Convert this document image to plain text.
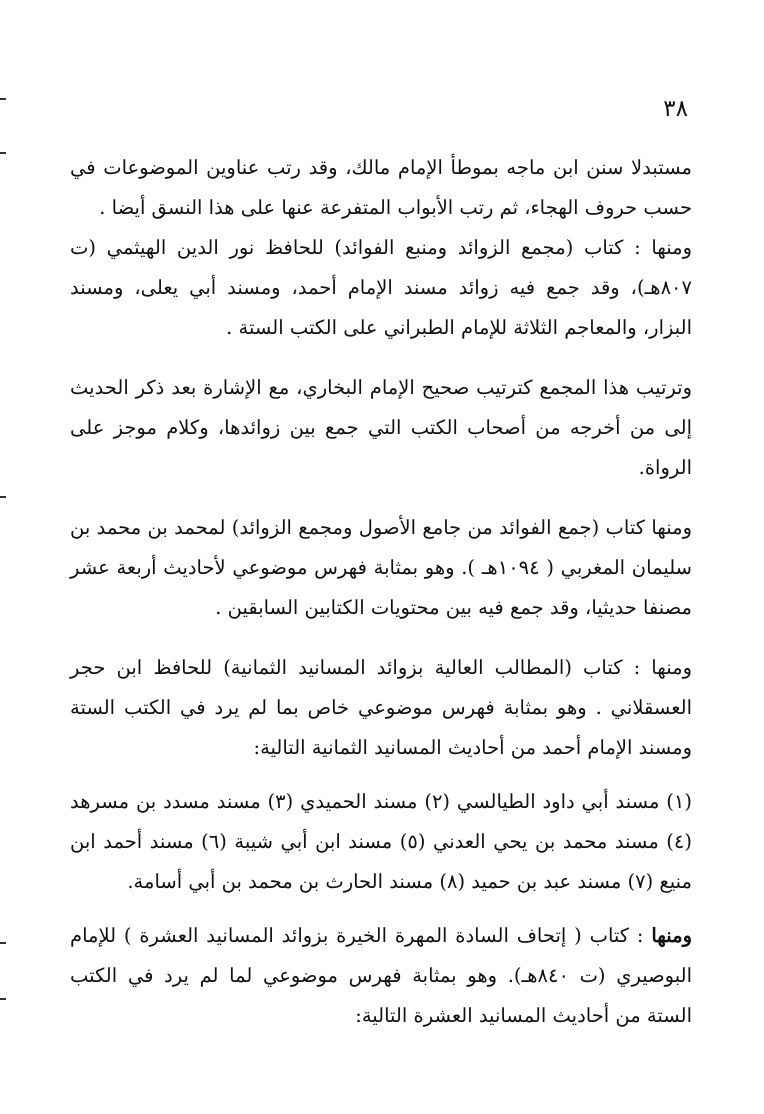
٣٨

مستبدلا سنن ابن ماجه بموطأ الإمام مالك، وقد رتب عناوين الموضوعات في حسب حروف الهجاء، ثم رتب الأبواب المتفرعة عنها على هذا النسق أيضا .

ومنها : كتاب (مجمع الزوائد ومنبع الفوائد) للحافظ نور الدين الهيثمي (ت ٨٠٧هـ)، وقد جمع فيه زوائد مسند الإمام أحمد، ومسند أبي يعلى، ومسند البزار، والمعاجم الثلاثة للإمام الطبراني على الكتب الستة .

وترتيب هذا المجمع كترتيب صحيح الإمام البخاري، مع الإشارة بعد ذكر الحديث إلى من أخرجه من أصحاب الكتب التي جمع بين زوائدها، وكلام موجز على الرواة.

ومنها كتاب (جمع الفوائد من جامع الأصول ومجمع الزوائد) لمحمد بن محمد بن سليمان المغربي ( ١٠٩٤هـ ). وهو بمثابة فهرس موضوعي لأحاديث أربعة عشر مصنفا حديثيا، وقد جمع فيه بين محتويات الكتابين السابقين .

ومنها : كتاب (المطالب العالية بزوائد المسانيد الثمانية) للحافظ ابن حجر العسقلاني . وهو بمثابة فهرس موضوعي خاص بما لم يرد في الكتب الستة ومسند الإمام أحمد من أحاديث المسانيد الثمانية التالية:

(١) مسند أبي داود الطيالسي (٢) مسند الحميدي (٣) مسند مسدد بن مسرهد (٤) مسند محمد بن يحي العدني (٥) مسند ابن أبي شيبة (٦) مسند أحمد ابن منيع (٧) مسند عبد بن حميد (٨) مسند الحارث بن محمد بن أبي أسامة.

ومنها : كتاب ( إتحاف السادة المهرة الخيرة بزوائد المسانيد العشرة ) للإمام البوصيري (ت ٨٤٠هـ). وهو بمثابة فهرس موضوعي لما لم يرد في الكتب الستة من أحاديث المسانيد العشرة التالية:
